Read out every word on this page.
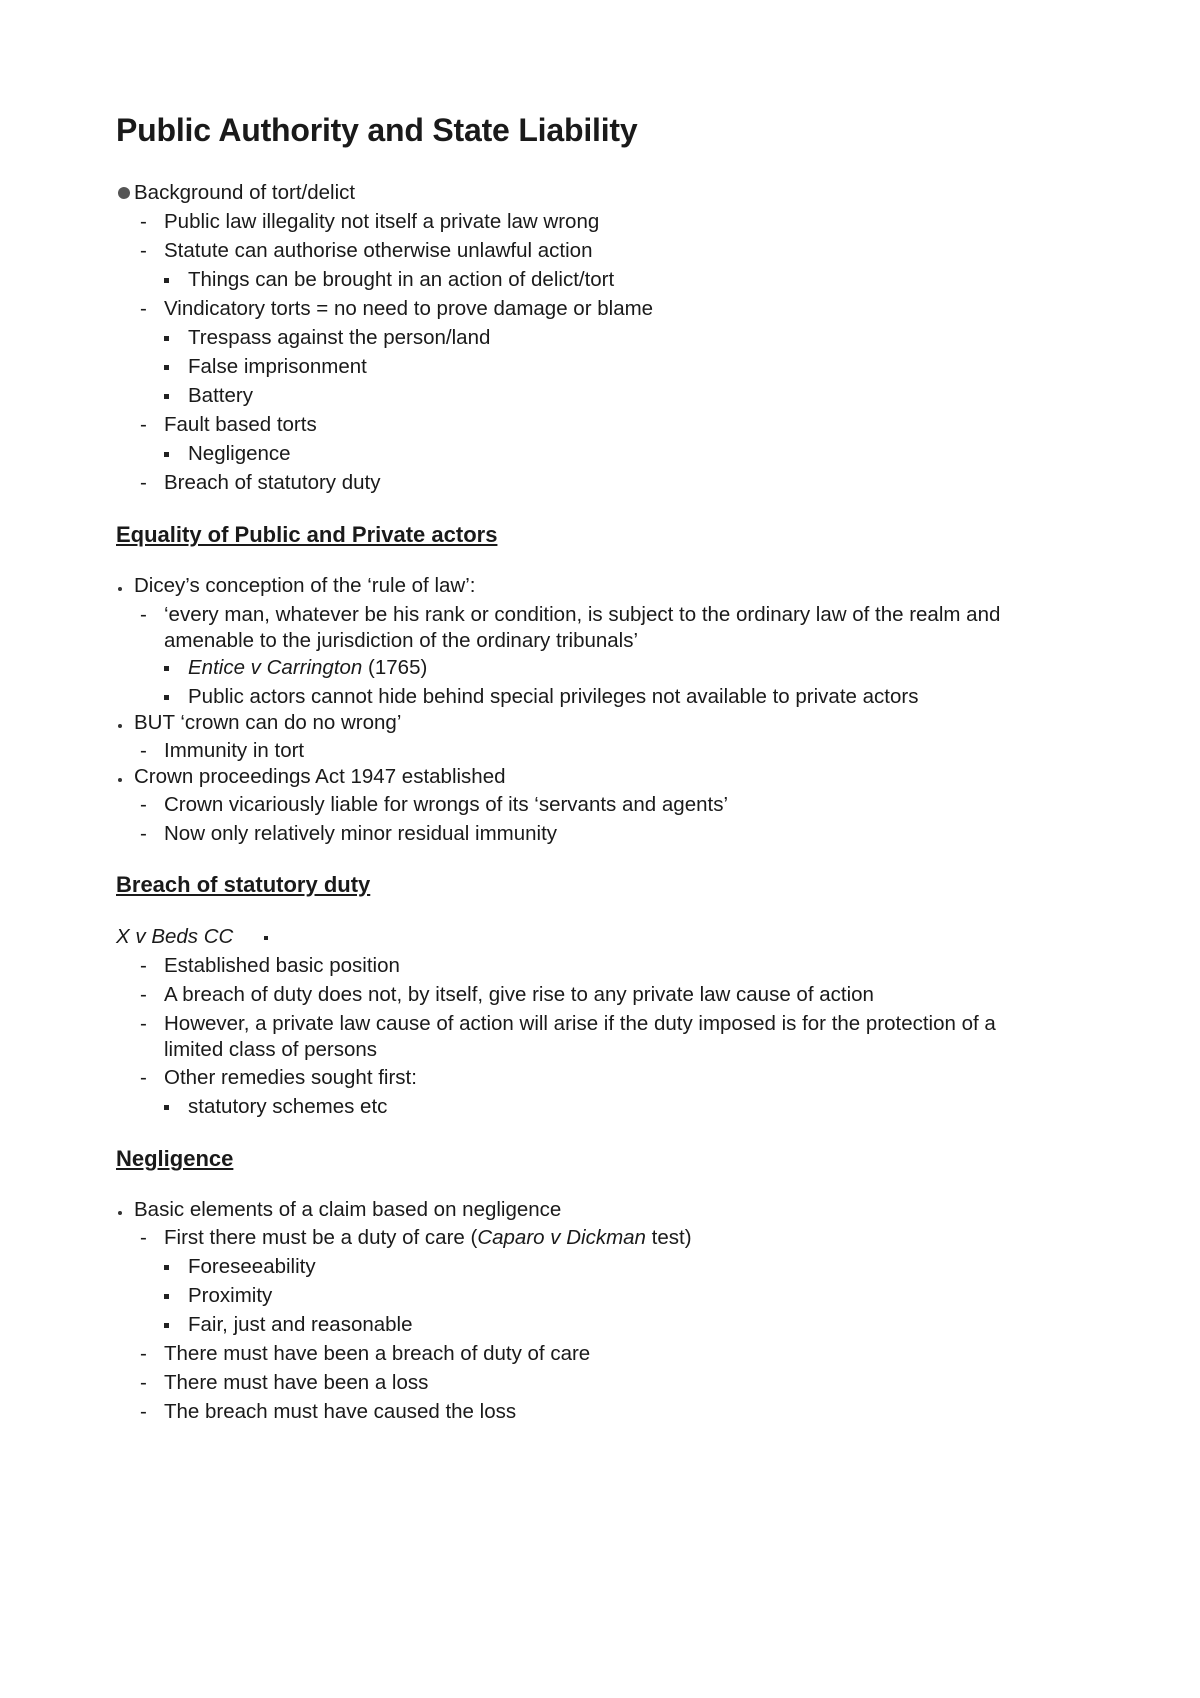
Public Authority and State Liability
Background of tort/delict
- Public law illegality not itself a private law wrong
- Statute can authorise otherwise unlawful action
Things can be brought in an action of delict/tort
- Vindicatory torts = no need to prove damage or blame
Trespass against the person/land
False imprisonment
Battery
- Fault based torts
Negligence
- Breach of statutory duty
Equality of Public and Private actors
Dicey’s conception of the ‘rule of law’:
- ‘every man, whatever be his rank or condition, is subject to the ordinary law of the realm and
amenable to the jurisdiction of the ordinary tribunals’
Entice v Carrington (1765)
Public actors cannot hide behind special privileges not available to private actors
BUT ‘crown can do no wrong’
- Immunity in tort
Crown proceedings Act 1947 established
- Crown vicariously liable for wrongs of its ‘servants and agents’
- Now only relatively minor residual immunity
Breach of statutory duty
X v Beds CC
- Established basic position
- A breach of duty does not, by itself, give rise to any private law cause of action
- However, a private law cause of action will arise if the duty imposed is for the protection of a
limited class of persons
- Other remedies sought first:
statutory schemes etc
Negligence
Basic elements of a claim based on negligence
- First there must be a duty of care (Caparo v Dickman test)
Foreseeability
Proximity
Fair, just and reasonable
- There must have been a breach of duty of care
- There must have been a loss
- The breach must have caused the loss
